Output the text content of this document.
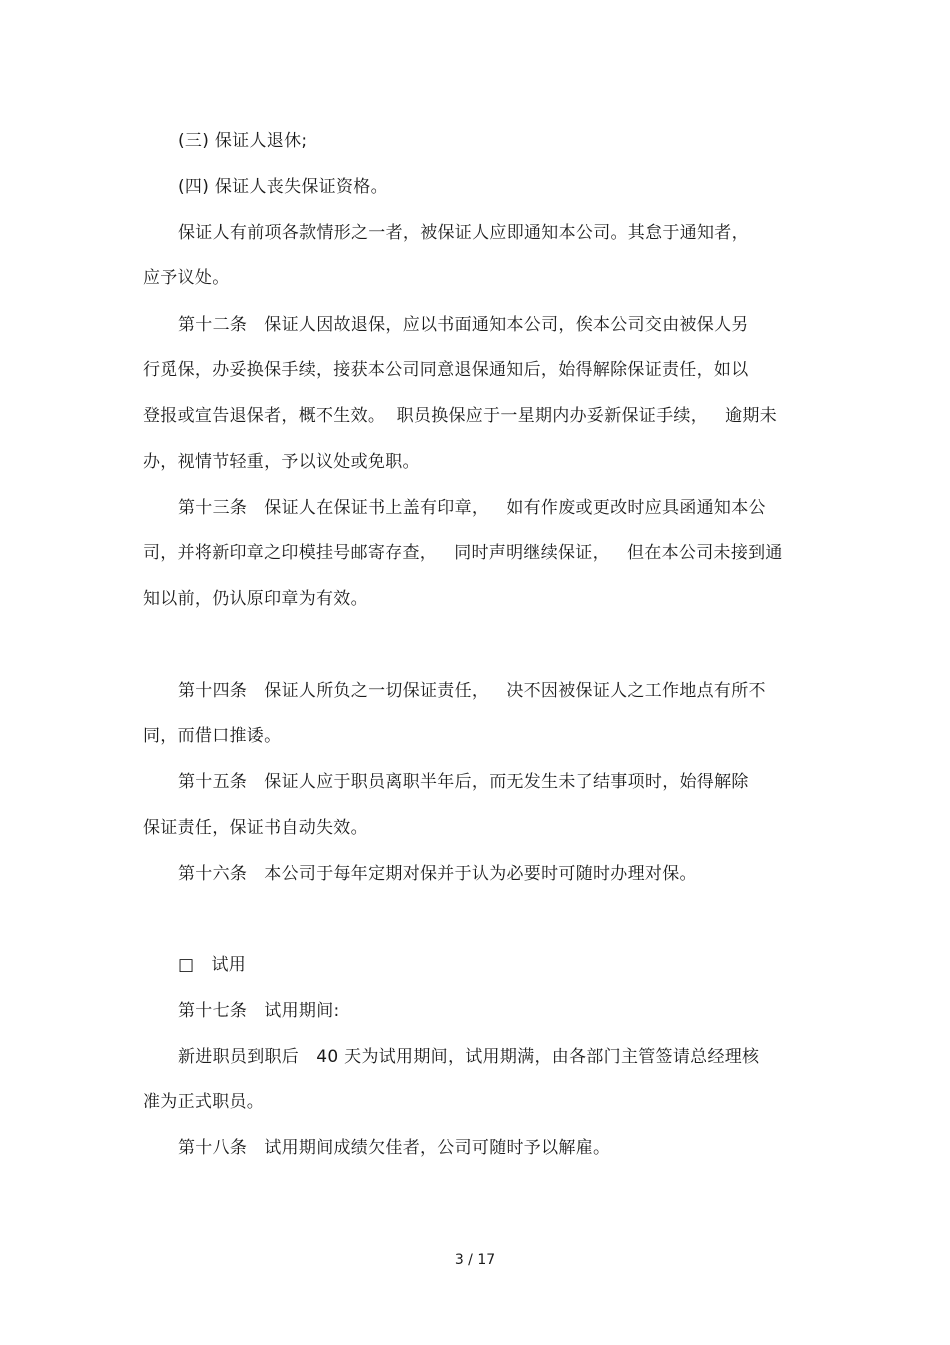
(三) 保证人退休;
(四) 保证人丧失保证资格。
保证人有前项各款情形之一者，被保证人应即通知本公司。其怠于通知者，
应予议处。
第十二条   保证人因故退保，应以书面通知本公司，俟本公司交由被保人另
行觅保，办妥换保手续，接获本公司同意退保通知后，始得解除保证责任，如以
登报或宣告退保者，概不生效。  职员换保应于一星期内办妥新保证手续，   逾期未
办，视情节轻重，予以议处或免职。
第十三条   保证人在保证书上盖有印章，   如有作废或更改时应具函通知本公
司，并将新印章之印模挂号邮寄存查，   同时声明继续保证，   但在本公司未接到通
知以前，仍认原印章为有效。
第十四条   保证人所负之一切保证责任，   决不因被保证人之工作地点有所不
同，而借口推诿。
第十五条   保证人应于职员离职半年后，而无发生未了结事项时，始得解除
保证责任，保证书自动失效。
第十六条   本公司于每年定期对保并于认为必要时可随时办理对保。
□   试用
第十七条   试用期间:
新进职员到职后   40 天为试用期间，试用期满，由各部门主管签请总经理核
准为正式职员。
第十八条   试用期间成绩欠佳者，公司可随时予以解雇。
3 / 17
